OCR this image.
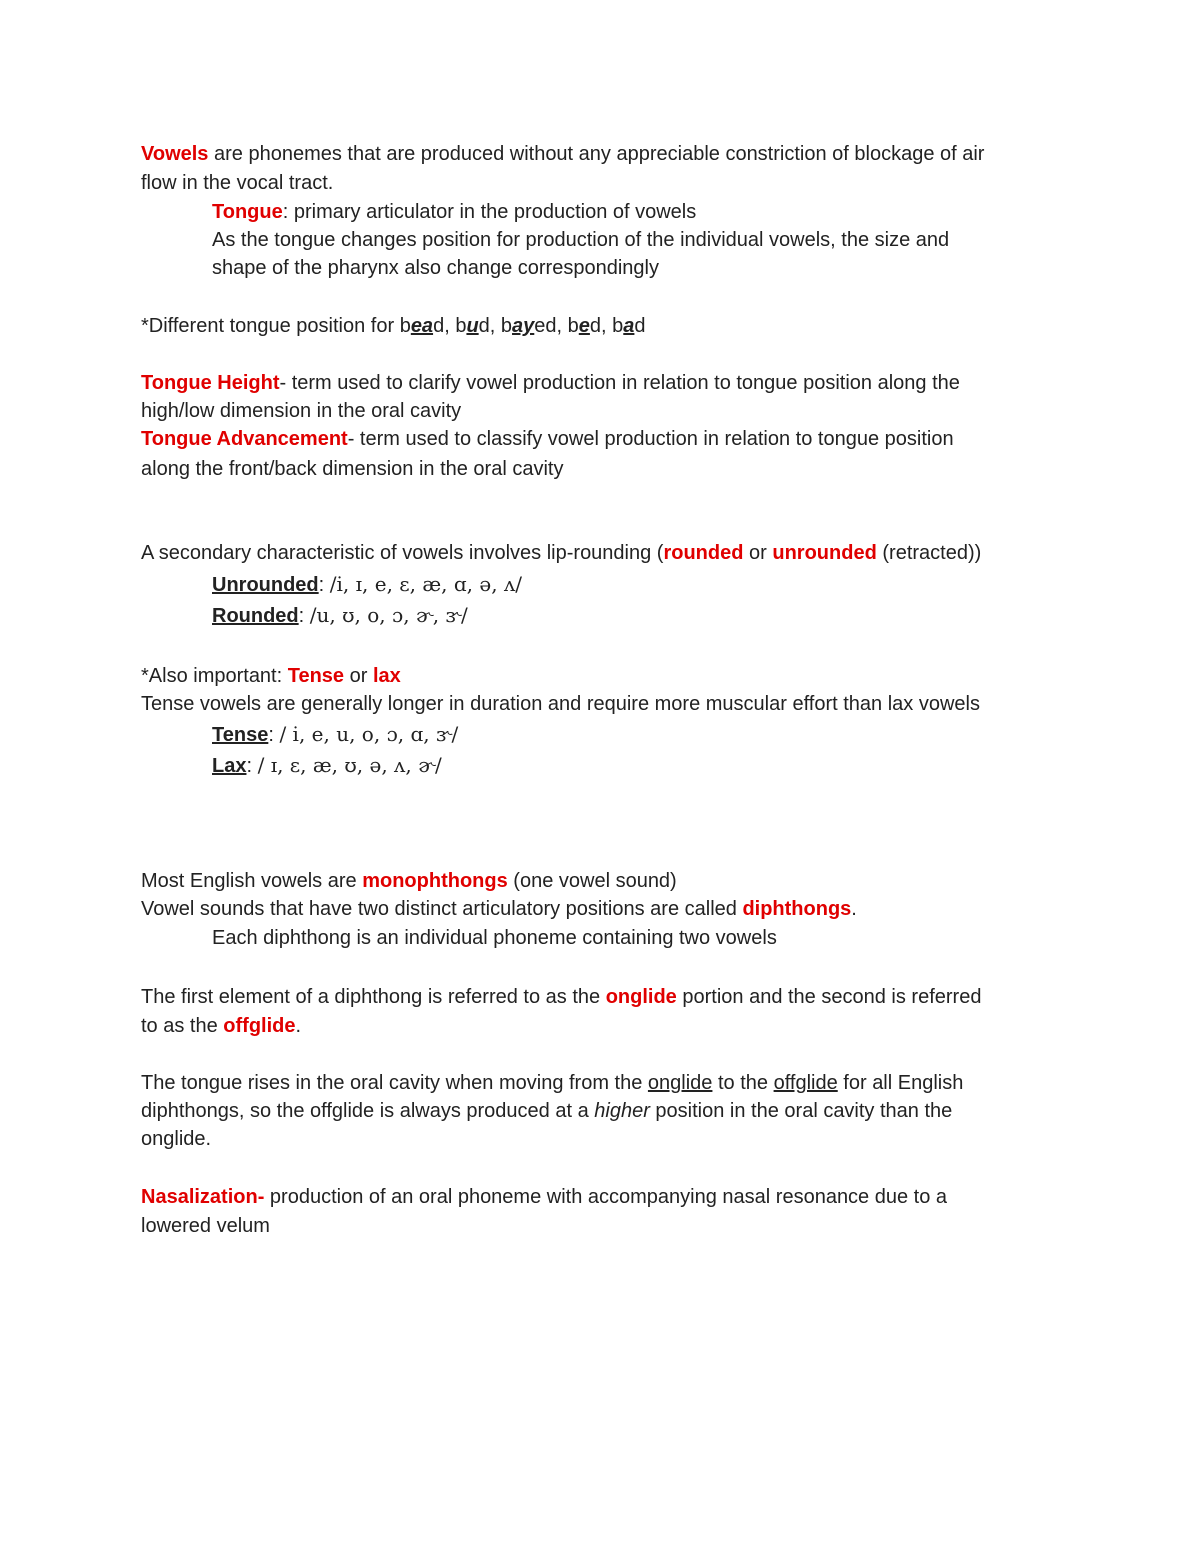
Vowels are phonemes that are produced without any appreciable constriction of blockage of air
flow in the vocal tract.
Tongue: primary articulator in the production of vowels
As the tongue changes position for production of the individual vowels, the size and
shape of the pharynx also change correspondingly
*Different tongue position for bead, bud, bayed, bed, bad
Tongue Height- term used to clarify vowel production in relation to tongue position along the
high/low dimension in the oral cavity
Tongue Advancement- term used to classify vowel production in relation to tongue position
along the front/back dimension in the oral cavity
A secondary characteristic of vowels involves lip-rounding (rounded or unrounded (retracted))
Unrounded: /i, ɪ, e, ɛ, æ, ɑ, ə, ʌ/
Rounded: /u, ʊ, o, ɔ, ɚ, ɝ/
*Also important: Tense or lax
Tense vowels are generally longer in duration and require more muscular effort than lax vowels
Tense: / i, e, u, o, ɔ, ɑ, ɝ/
Lax: / ɪ, ɛ, æ, ʊ, ə, ʌ, ɚ/
Most English vowels are monophthongs (one vowel sound)
Vowel sounds that have two distinct articulatory positions are called diphthongs.
Each diphthong is an individual phoneme containing two vowels
The first element of a diphthong is referred to as the onglide portion and the second is referred
to as the offglide.
The tongue rises in the oral cavity when moving from the onglide to the offglide for all English
diphthongs, so the offglide is always produced at a higher position in the oral cavity than the
onglide.
Nasalization- production of an oral phoneme with accompanying nasal resonance due to a
lowered velum
